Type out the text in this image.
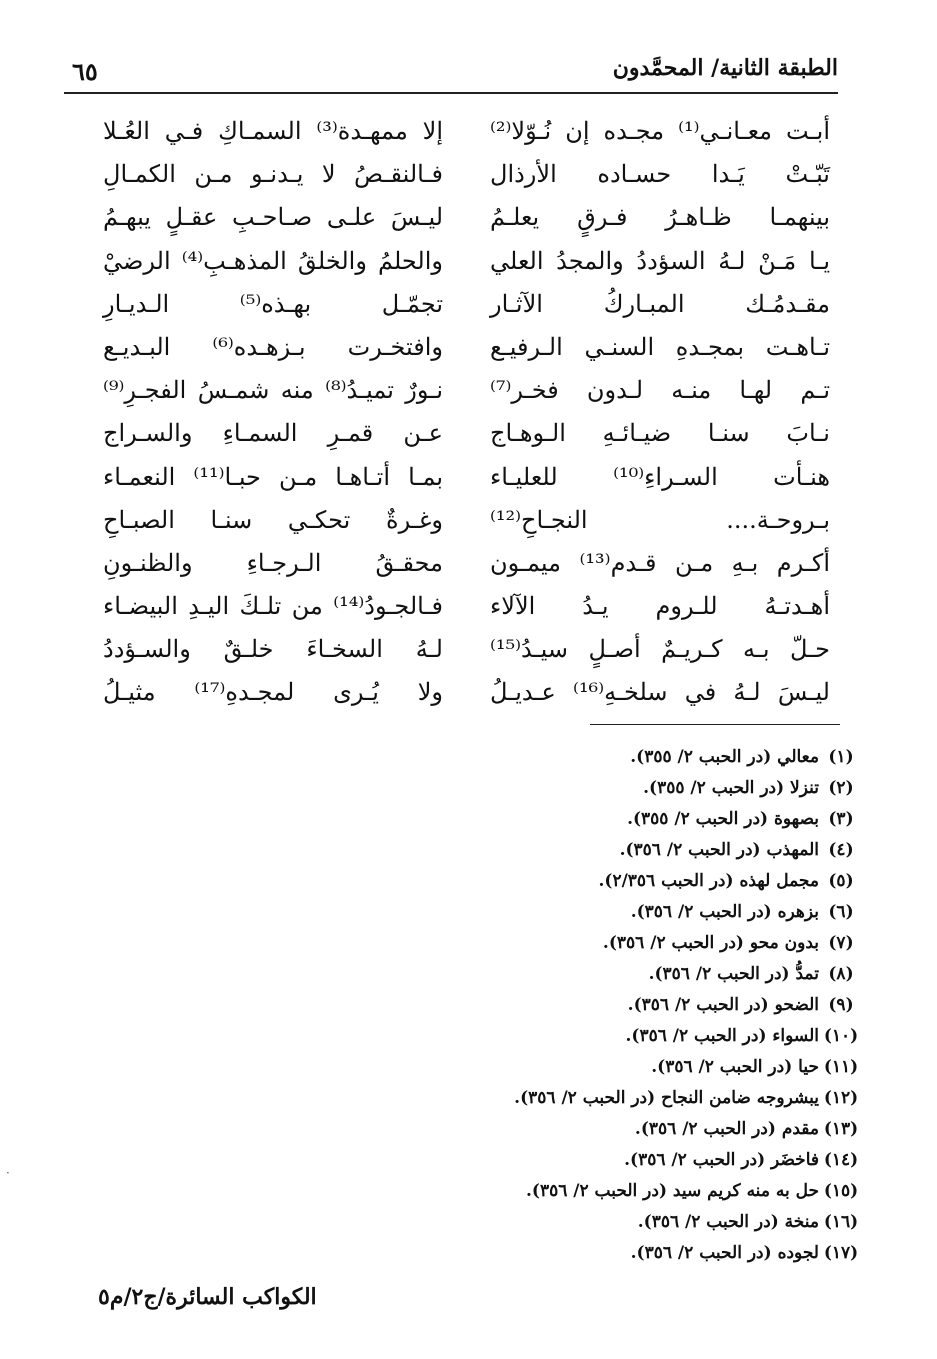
٦٥	الطبقة الثانية/ المحمَّدون
أبـت معـانـي⁽¹⁾ مجـده إن نُـوّلا⁽²⁾
تَبّـتْ يَـدا حسـاده الأرذال
بينهمـا ظـاهـرُ فـرقٍ يعلـمُ
يـا مَـنْ لـهُ السؤددُ والمجدُ العلي
مقـدمُـك المبـاركُ الآثـار
تـاهـت بمجـدهِ السنـي الـرفيـع
تـم لهـا منـه لـدون فخـر⁽⁷⁾
نـابَ سنـا ضيـائـهِ الـوهـاج
هنـأت السـراءِ⁽¹⁰⁾ للعليـاء
بـروحـة.... النجـاحِ⁽¹²⁾
أكـرم بـهِ مـن قـدم⁽¹³⁾ ميمـون
أهـدتـهُ للـروم يـدُ الآلاء
حـلّ بـه كـريـمٌ أصـلٍ سيـدُ⁽¹⁵⁾
ليـسَ لـهُ في سلخـهِ⁽¹⁶⁾ عـديـلُ
إلا ممهـدة⁽³⁾ السمـاكِ فـي العُـلا
فـالنقـصُ لا يـدنـو مـن الكمـالِ
ليـسَ علـى صـاحـبِ عقـلٍ يبهـمُ
والحلمُ والخلقُ المذهـبِ⁽⁴⁾ الرضيْ
تجمّـل بهـذه⁽⁵⁾ الـديـارِ
وافتخـرت بـزهـده⁽⁶⁾ البـديـع
نـورٌ تميـدُ⁽⁸⁾ منه شمـسُ الفجـرِ⁽⁹⁾
عـن قمـرِ السمـاءِ والسـراج
بمـا أتـاهـا مـن حبـا⁽¹¹⁾ النعمـاء
وغـرةٌ تحكـي سنـا الصبـاحِ
محقـقُ الـرجـاءِ والظنـونِ
فـالجـودُ⁽¹⁴⁾ من تلـكَ اليـدِ البيضـاء
لـهُ السخـاءَ خلـقٌ والسـؤددُ
ولا يُـرى لمجـدهِ⁽¹⁷⁾ مثيـلُ
(١)معالي (در الحبب ٢/ ٣٥٥).
(٢)تنزلا (در الحبب ٢/ ٣٥٥).
(٣)بصهوة (در الحبب ٢/ ٣٥٥).
(٤)المهذب (در الحبب ٢/ ٣٥٦).
(٥)مجمل لهذه (در الحبب ٢/٣٥٦).
(٦)بزهره (در الحبب ٢/ ٣٥٦).
(٧)بدون محو (در الحبب ٢/ ٣٥٦).
(٨)تمدُّ (در الحبب ٢/ ٣٥٦).
(٩)الضحو (در الحبب ٢/ ٣٥٦).
(١٠)السواء (در الحبب ٢/ ٣٥٦).
(١١)حيا (در الحبب ٢/ ٣٥٦).
(١٢)يبشروجه ضامن النجاح (در الحبب ٢/ ٣٥٦).
(١٣)مقدم (در الحبب ٢/ ٣٥٦).
(١٤)فاخضَر (در الحبب ٢/ ٣٥٦).
(١٥)حل به منه كريم سيد (در الحبب ٢/ ٣٥٦).
(١٦)منخة (در الحبب ٢/ ٣٥٦).
(١٧)لجوده (در الحبب ٢/ ٣٥٦).
الكواكب السائرة/ج٢/م٥
·
